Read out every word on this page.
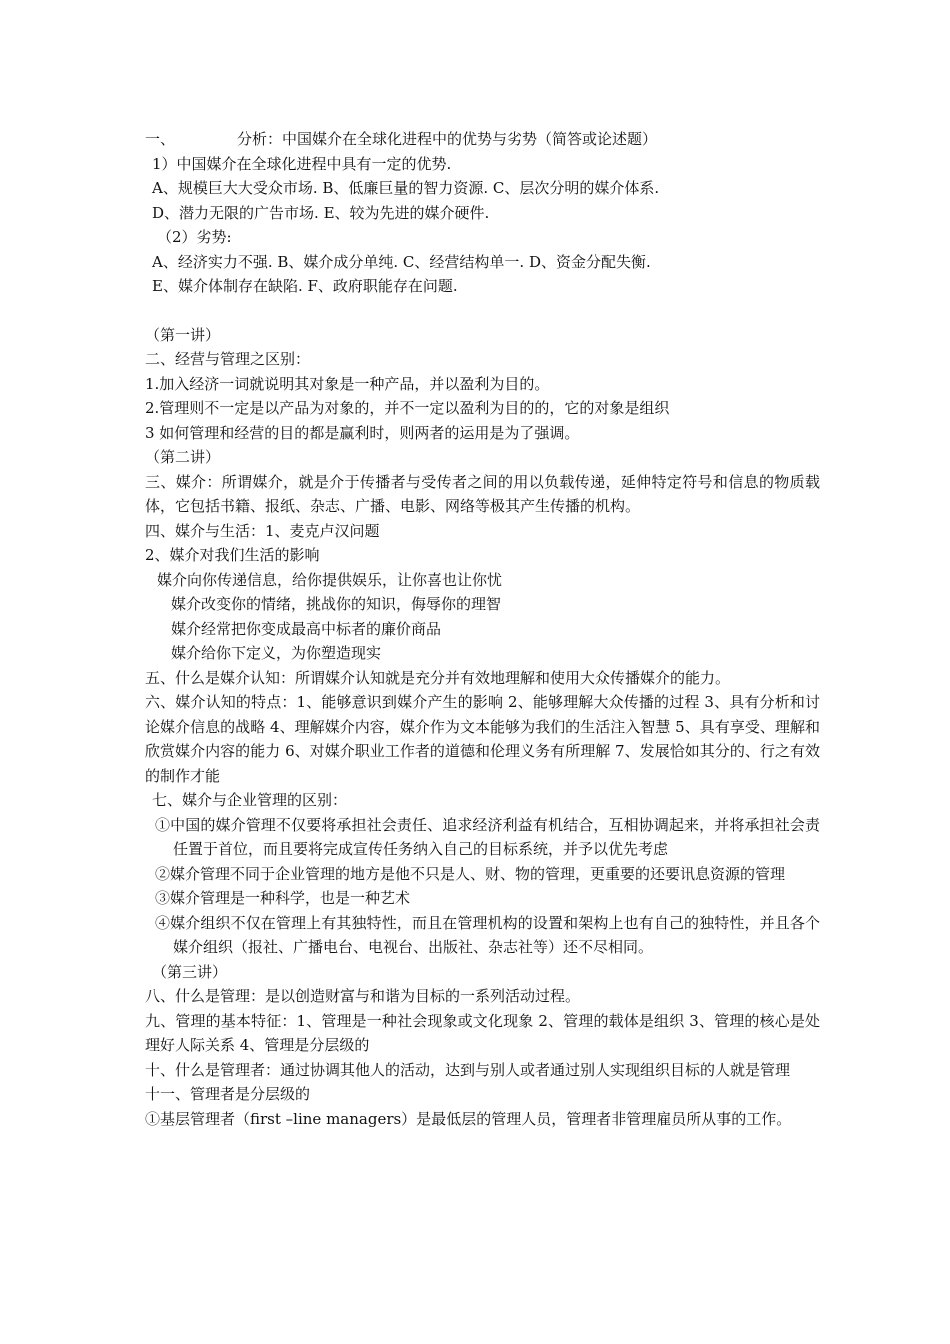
一、	分析：中国媒介在全球化进程中的优势与劣势（简答或论述题）
1）中国媒介在全球化进程中具有一定的优势.
A、规模巨大大受众市场. B、低廉巨量的智力资源. C、层次分明的媒介体系.
D、潜力无限的广告市场. E、较为先进的媒介硬件.
（2）劣势:
A、经济实力不强. B、媒介成分单纯. C、经营结构单一. D、资金分配失衡.
E、媒介体制存在缺陷. F、政府职能存在问题.
（第一讲）
二、经营与管理之区别：
1.加入经济一词就说明其对象是一种产品，并以盈利为目的。
2.管理则不一定是以产品为对象的，并不一定以盈利为目的的，它的对象是组织
3 如何管理和经营的目的都是赢利时，则两者的运用是为了强调。
（第二讲）
三、媒介：所谓媒介，就是介于传播者与受传者之间的用以负载传递，延伸特定符号和信息的物质载体，它包括书籍、报纸、杂志、广播、电影、网络等极其产生传播的机构。
四、媒介与生活：1、麦克卢汉问题
2、媒介对我们生活的影响
媒介向你传递信息，给你提供娱乐，让你喜也让你忧
媒介改变你的情绪，挑战你的知识，侮辱你的理智
媒介经常把你变成最高中标者的廉价商品
媒介给你下定义，为你塑造现实
五、什么是媒介认知：所谓媒介认知就是充分并有效地理解和使用大众传播媒介的能力。
六、媒介认知的特点：1、能够意识到媒介产生的影响 2、能够理解大众传播的过程 3、具有分析和讨论媒介信息的战略 4、理解媒介内容，媒介作为文本能够为我们的生活注入智慧 5、具有享受、理解和欣赏媒介内容的能力 6、对媒介职业工作者的道德和伦理义务有所理解 7、发展恰如其分的、行之有效的制作才能
七、媒介与企业管理的区别：
①中国的媒介管理不仅要将承担社会责任、追求经济利益有机结合，互相协调起来，并将承担社会责任置于首位，而且要将完成宣传任务纳入自己的目标系统，并予以优先考虑
②媒介管理不同于企业管理的地方是他不只是人、财、物的管理，更重要的还要讯息资源的管理
③媒介管理是一种科学，也是一种艺术
④媒介组织不仅在管理上有其独特性，而且在管理机构的设置和架构上也有自己的独特性，并且各个媒介组织（报社、广播电台、电视台、出版社、杂志社等）还不尽相同。
（第三讲）
八、什么是管理：是以创造财富与和谐为目标的一系列活动过程。
九、管理的基本特征：1、管理是一种社会现象或文化现象 2、管理的载体是组织 3、管理的核心是处理好人际关系 4、管理是分层级的
十、什么是管理者：通过协调其他人的活动，达到与别人或者通过别人实现组织目标的人就是管理
十一、管理者是分层级的
①基层管理者（first –line managers）是最低层的管理人员，管理者非管理雇员所从事的工作。
